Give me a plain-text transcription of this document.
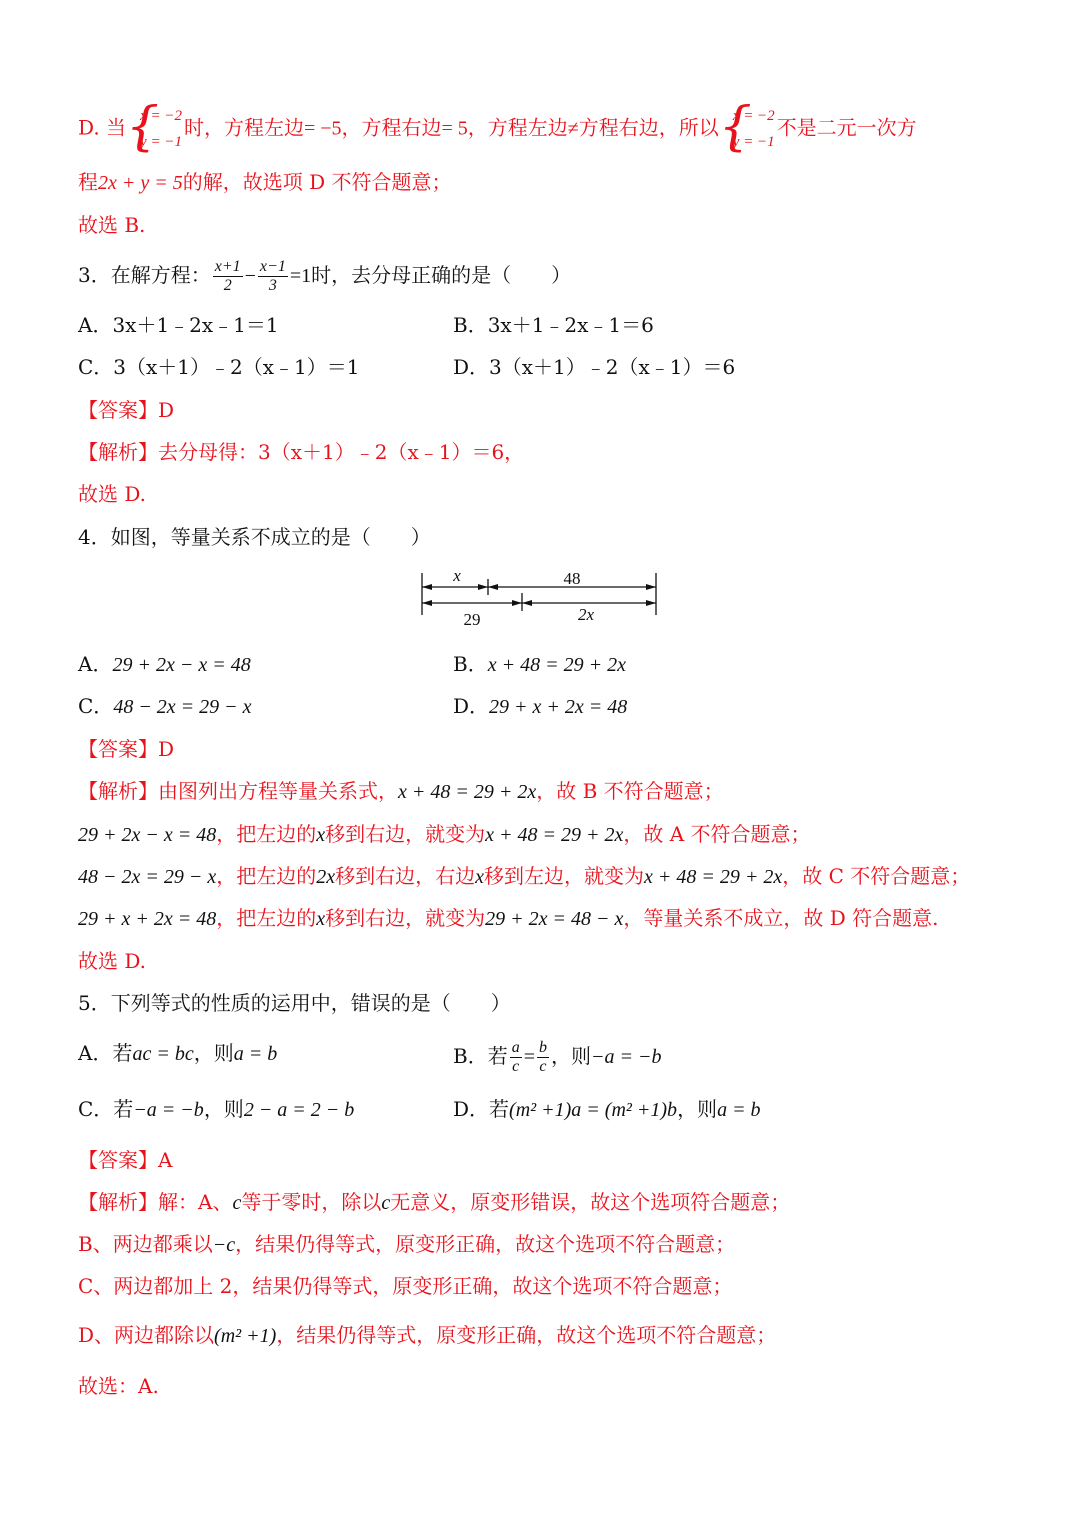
D. 当 { x = −2
y = −1
时，方程左边= −5，方程右边= 5，方程左边≠方程右边，所以 { x = −2
y = −1
不是二元一次方
程2x + y = 5的解，故选项 D 不符合题意；
故选 B.
3．在解方程： $\frac{x+1}{2} - \frac{x-1}{3} =1$时，去分母正确的是（　　）
A．3x＋1﹣2x﹣1＝1	B．3x＋1﹣2x﹣1＝6
C．3（x＋1）﹣2（x﹣1）＝1	D．3（x＋1）﹣2（x﹣1）＝6
【答案】D
【解析】去分母得：3（x＋1）﹣2（x﹣1）＝6，
故选 D.
4．如图，等量关系不成立的是（　　）
x	48
29	2x
A．29 + 2x − x = 48	B．x + 48 = 29 + 2x
C．48 − 2x = 29 − x	D．29 + x + 2x = 48
【答案】D
【解析】由图列出方程等量关系式，x + 48 = 29 + 2x，故 B 不符合题意；
29 + 2x − x = 48，把左边的x移到右边，就变为x + 48 = 29 + 2x，故 A 不符合题意；
48 − 2x = 29 − x，把左边的2x移到右边，右边x移到左边，就变为x + 48 = 29 + 2x，故 C 不符合题意；
29 + x + 2x = 48，把左边的x移到右边，就变为29 + 2x = 48 − x，等量关系不成立，故 D 符合题意.
故选 D.
5．下列等式的性质的运用中，错误的是（　　）
A．若ac = bc，则a = b	B．若 $\frac{a}{c} = \frac{b}{c}$ ，则−a = −b
C．若−a = −b，则2 − a = 2 − b	D．若(m² +1)a = (m² +1)b，则a = b
【答案】A
【解析】解：A、c等于零时，除以c无意义，原变形错误，故这个选项符合题意；
B、两边都乘以−c，结果仍得等式，原变形正确，故这个选项不符合题意；
C、两边都加上 2，结果仍得等式，原变形正确，故这个选项不符合题意；
D、两边都除以(m² +1)，结果仍得等式，原变形正确，故这个选项不符合题意；
故选：A.
